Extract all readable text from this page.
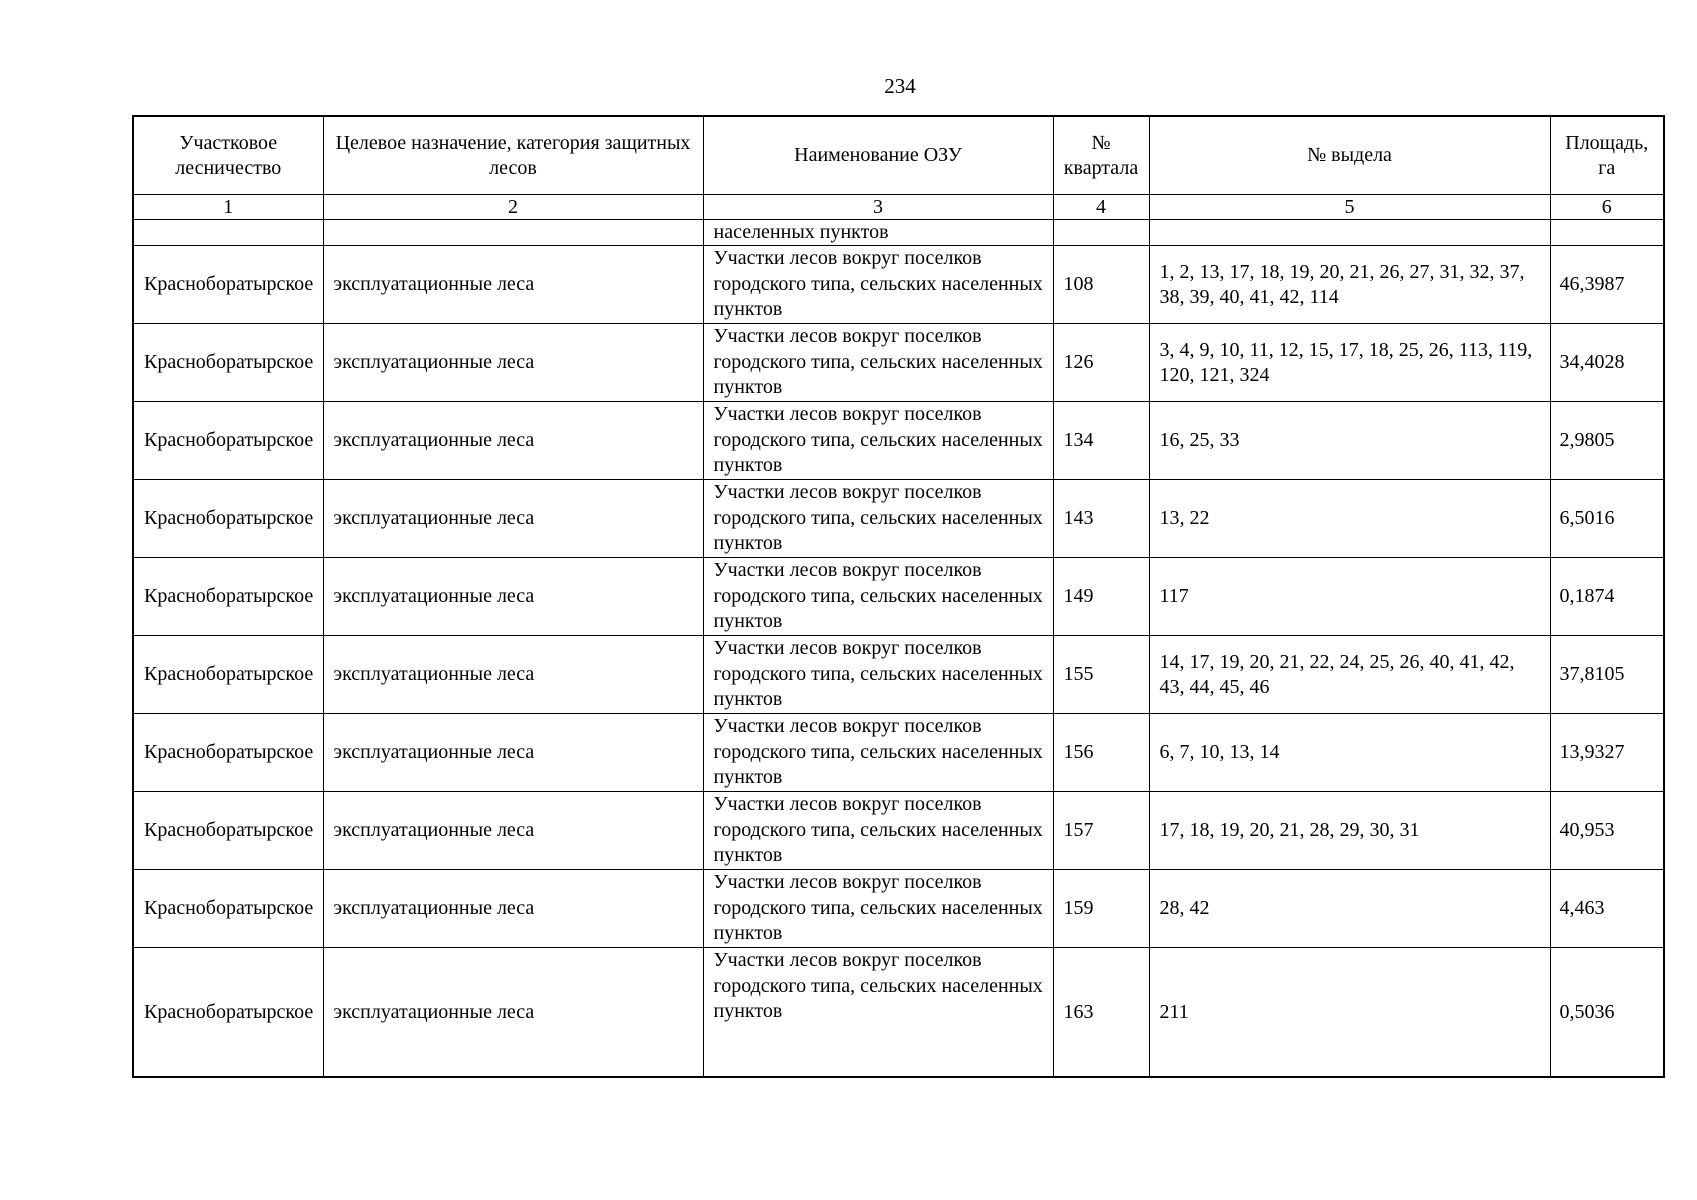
234
Участковое лесничество	Целевое назначение, категория защитных лесов	Наименование ОЗУ	№ квартала	№ выдела	Площадь, га
1	2	3	4	5	6
		населенных пунктов			
Красноборатырское	эксплуатационные леса	Участки лесов вокруг поселков городского типа, сельских населенных пунктов	108	1, 2, 13, 17, 18, 19, 20, 21, 26, 27, 31, 32, 37, 38, 39, 40, 41, 42, 114	46,3987
Красноборатырское	эксплуатационные леса	Участки лесов вокруг поселков городского типа, сельских населенных пунктов	126	3, 4, 9, 10, 11, 12, 15, 17, 18, 25, 26, 113, 119, 120, 121, 324	34,4028
Красноборатырское	эксплуатационные леса	Участки лесов вокруг поселков городского типа, сельских населенных пунктов	134	16, 25, 33	2,9805
Красноборатырское	эксплуатационные леса	Участки лесов вокруг поселков городского типа, сельских населенных пунктов	143	13, 22	6,5016
Красноборатырское	эксплуатационные леса	Участки лесов вокруг поселков городского типа, сельских населенных пунктов	149	117	0,1874
Красноборатырское	эксплуатационные леса	Участки лесов вокруг поселков городского типа, сельских населенных пунктов	155	14, 17, 19, 20, 21, 22, 24, 25, 26, 40, 41, 42, 43, 44, 45, 46	37,8105
Красноборатырское	эксплуатационные леса	Участки лесов вокруг поселков городского типа, сельских населенных пунктов	156	6, 7, 10, 13, 14	13,9327
Красноборатырское	эксплуатационные леса	Участки лесов вокруг поселков городского типа, сельских населенных пунктов	157	17, 18, 19, 20, 21, 28, 29, 30, 31	40,953
Красноборатырское	эксплуатационные леса	Участки лесов вокруг поселков городского типа, сельских населенных пунктов	159	28, 42	4,463
Красноборатырское	эксплуатационные леса	Участки лесов вокруг поселков городского типа, сельских населенных пунктов	163	211	0,5036
